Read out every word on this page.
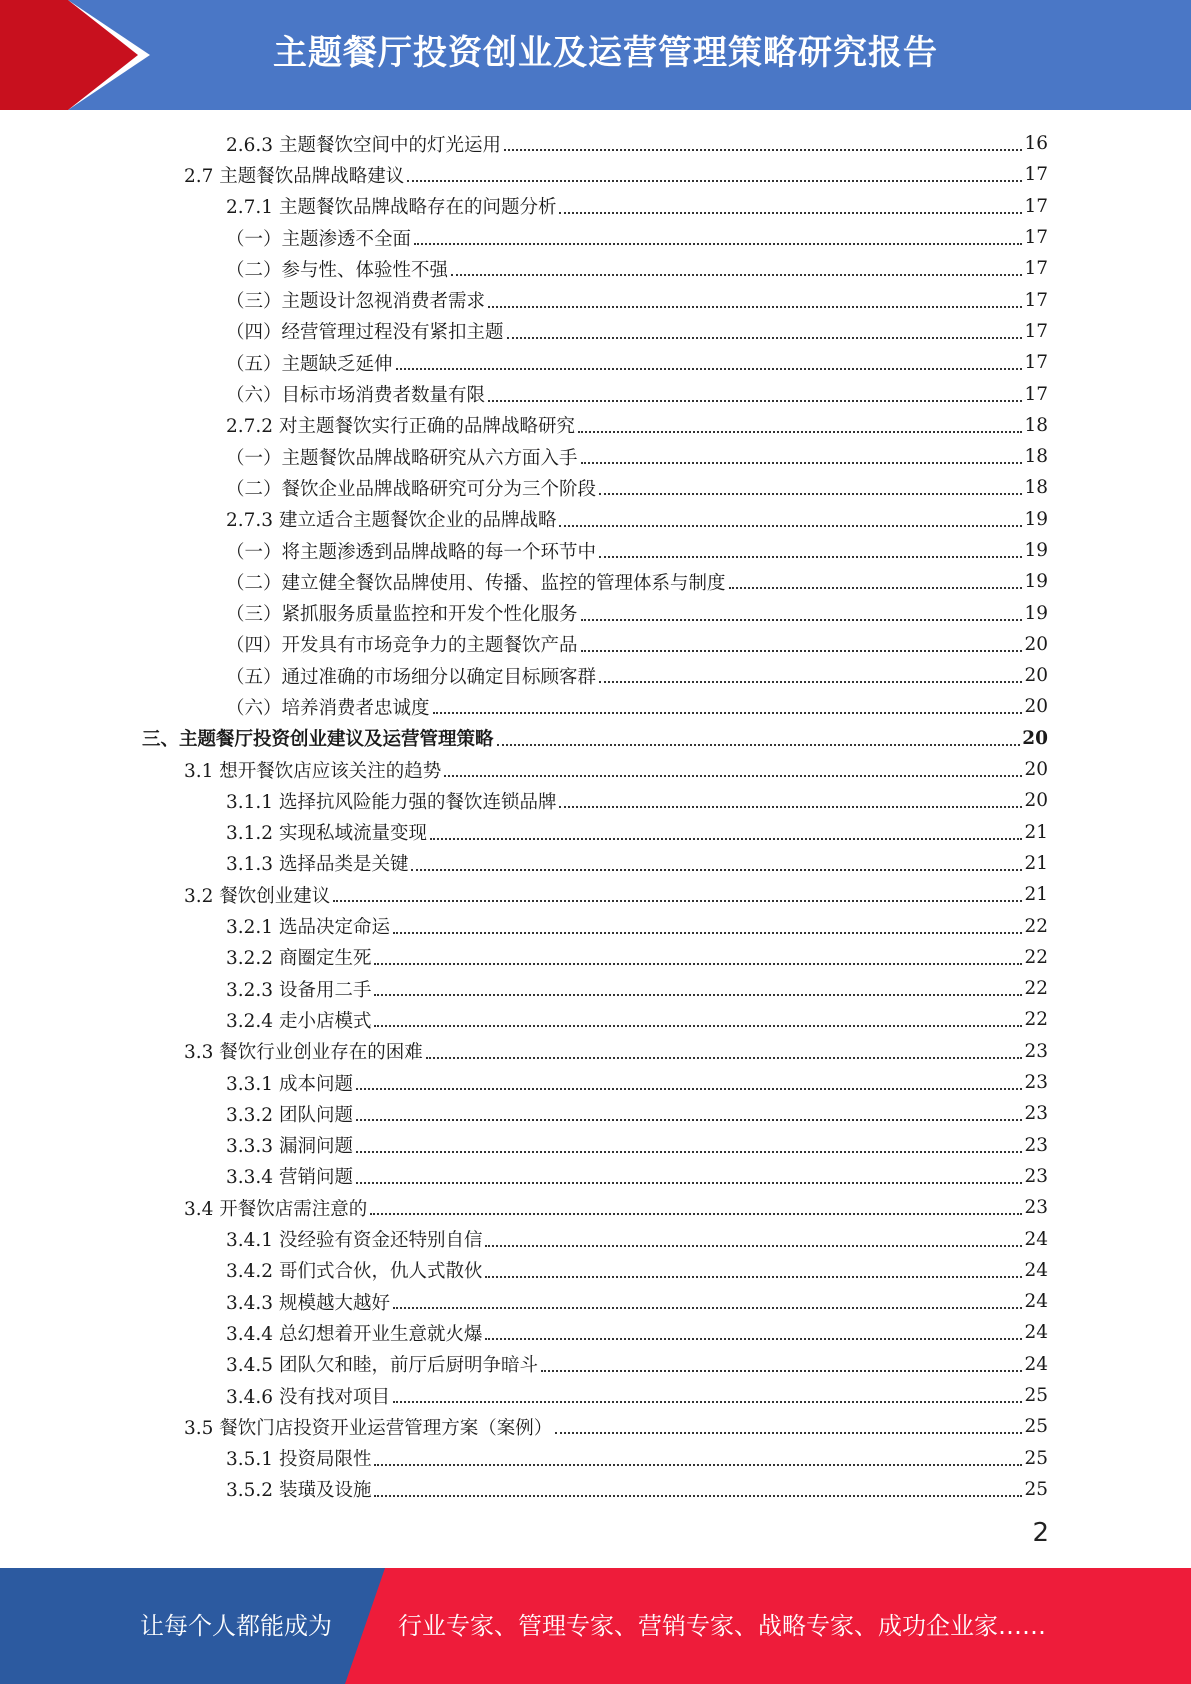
主题餐厅投资创业及运营管理策略研究报告
2.6.3 主题餐饮空间中的灯光运用	16
2.7 主题餐饮品牌战略建议	17
2.7.1 主题餐饮品牌战略存在的问题分析	17
（一）主题渗透不全面	17
（二）参与性、体验性不强	17
（三）主题设计忽视消费者需求	17
（四）经营管理过程没有紧扣主题	17
（五）主题缺乏延伸	17
（六）目标市场消费者数量有限	17
2.7.2 对主题餐饮实行正确的品牌战略研究	18
（一）主题餐饮品牌战略研究从六方面入手	18
（二）餐饮企业品牌战略研究可分为三个阶段	18
2.7.3 建立适合主题餐饮企业的品牌战略	19
（一）将主题渗透到品牌战略的每一个环节中	19
（二）建立健全餐饮品牌使用、传播、监控的管理体系与制度	19
（三）紧抓服务质量监控和开发个性化服务	19
（四）开发具有市场竞争力的主题餐饮产品	20
（五）通过准确的市场细分以确定目标顾客群	20
（六）培养消费者忠诚度	20
三、主题餐厅投资创业建议及运营管理策略	20
3.1 想开餐饮店应该关注的趋势	20
3.1.1 选择抗风险能力强的餐饮连锁品牌	20
3.1.2 实现私域流量变现	21
3.1.3 选择品类是关键	21
3.2 餐饮创业建议	21
3.2.1 选品决定命运	22
3.2.2 商圈定生死	22
3.2.3 设备用二手	22
3.2.4 走小店模式	22
3.3 餐饮行业创业存在的困难	23
3.3.1 成本问题	23
3.3.2 团队问题	23
3.3.3 漏洞问题	23
3.3.4 营销问题	23
3.4 开餐饮店需注意的	23
3.4.1 没经验有资金还特别自信	24
3.4.2 哥们式合伙，仇人式散伙	24
3.4.3 规模越大越好	24
3.4.4 总幻想着开业生意就火爆	24
3.4.5 团队欠和睦，前厅后厨明争暗斗	24
3.4.6 没有找对项目	25
3.5 餐饮门店投资开业运营管理方案（案例）	25
3.5.1 投资局限性	25
3.5.2 装璜及设施	25
2
让每个人都能成为	行业专家、管理专家、营销专家、战略专家、成功企业家……
